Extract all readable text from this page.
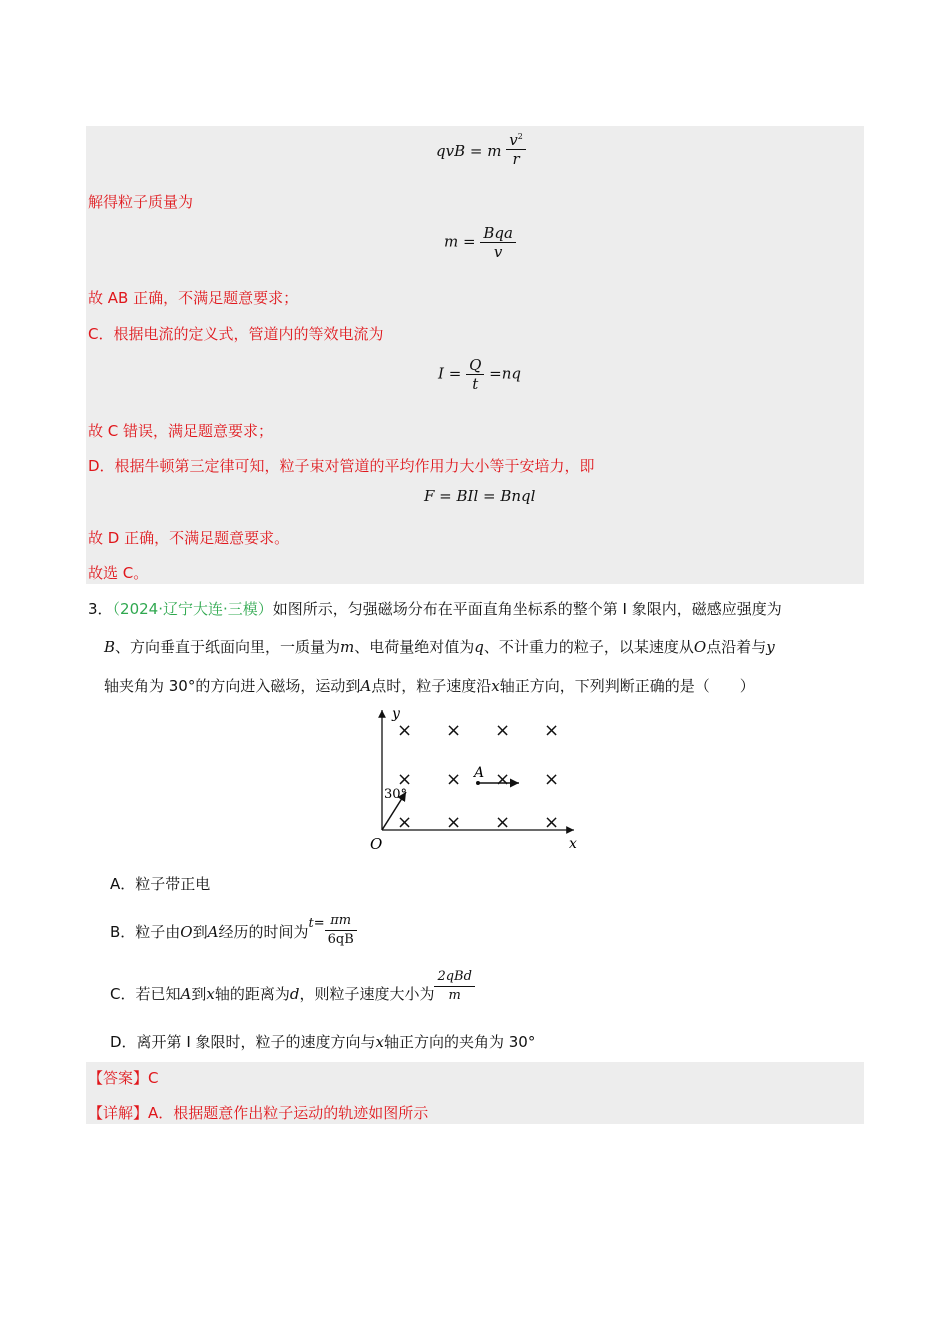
qvB = m $\frac{v^2}{r}$
解得粒子质量为
$m = \frac{\text{Bqa}}{v}$
故 AB 正确，不满足题意要求；
C．根据电流的定义式，管道内的等效电流为
$I = \frac{Q}{t} =nq$
故 C 错误，满足题意要求；
D．根据牛顿第三定律可知，粒子束对管道的平均作用力大小等于安培力，即
F = BIl = Bnql
故 D 正确，不满足题意要求。
故选 C。
3．（2024·辽宁大连·三模）如图所示，匀强磁场分布在平面直角坐标系的整个第 I 象限内，磁感应强度为
B、方向垂直于纸面向里，一质量为m、电荷量绝对值为q、不计重力的粒子，以某速度从O点沿着与y
轴夹角为 30°的方向进入磁场，运动到A点时，粒子速度沿x轴正方向，下列判断正确的是（　　）
y
x
O
× × × ×
× × × ×
× × × ×
30°
A
A．粒子带正电
B．粒子由O到A经历的时间为$t= \frac{\pi m}{6qB}$
C．若已知A到x轴的距离为d，则粒子速度大小为 $\frac{\text{2qBd}}{m}$
D．离开第 I 象限时，粒子的速度方向与x轴正方向的夹角为 30°
【答案】C
【详解】A．根据题意作出粒子运动的轨迹如图所示
